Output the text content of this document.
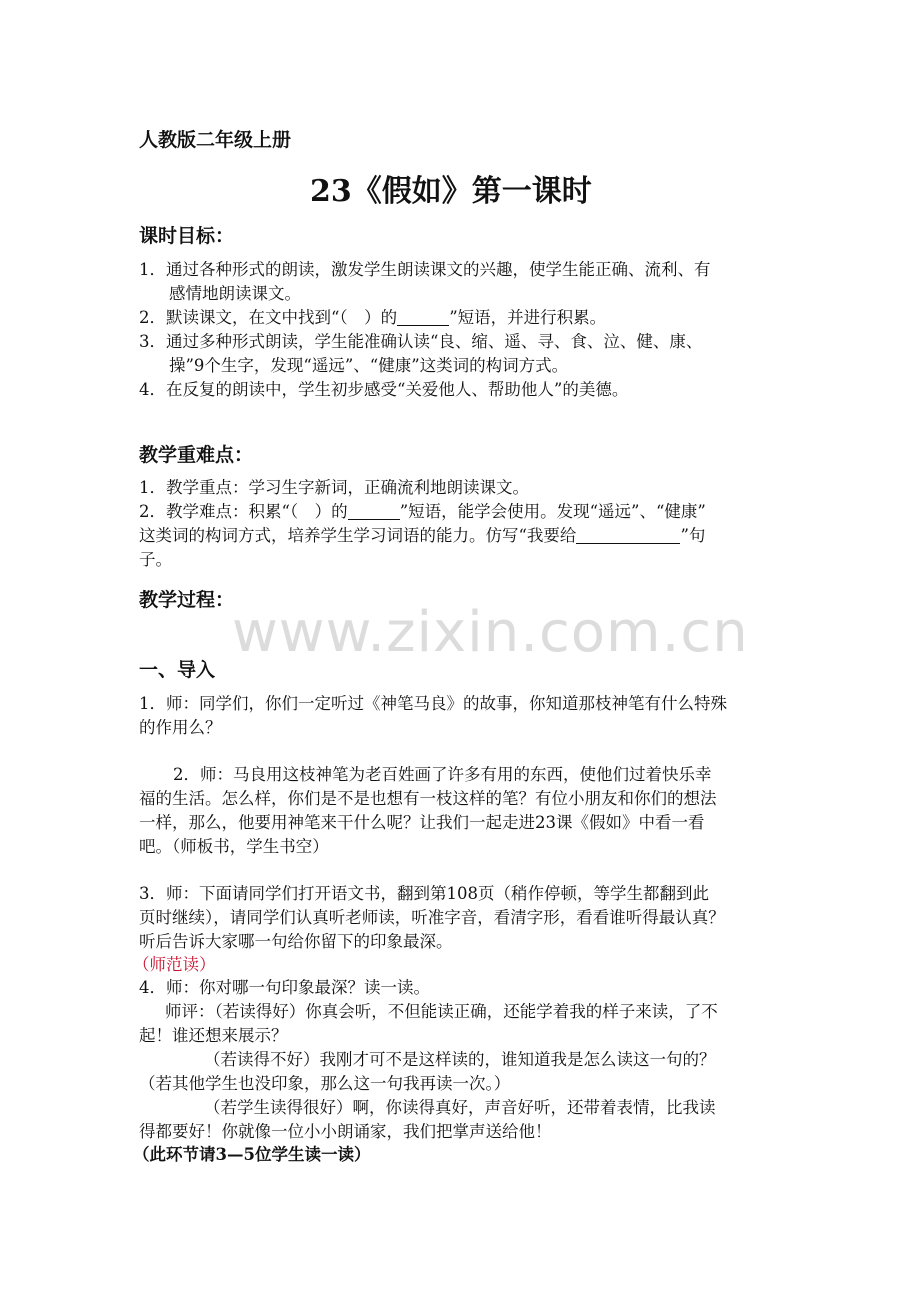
www.zixin.com.cn
人教版二年级上册
23《假如》第一课时
课时目标：
1．通过各种形式的朗读，激发学生朗读课文的兴趣，使学生能正确、流利、有
感情地朗读课文。
2．默读课文，在文中找到“（　）的	”短语，并进行积累。
3．通过多种形式朗读，学生能准确认读“良、缩、遥、寻、食、泣、健、康、
操”9个生字，发现“遥远”、“健康”这类词的构词方式。
4．在反复的朗读中，学生初步感受“关爱他人、帮助他人”的美德。
教学重难点：
1．教学重点：学习生字新词，正确流利地朗读课文。
2．教学难点：积累“（　）的	”短语，能学会使用。发现“遥远”、“健康”
这类词的构词方式，培养学生学习词语的能力。仿写“我要给	”句
子。
教学过程：
一、导入
1．师：同学们，你们一定听过《神笔马良》的故事，你知道那枝神笔有什么特殊
的作用么？
2．师：马良用这枝神笔为老百姓画了许多有用的东西，使他们过着快乐幸
福的生活。怎么样，你们是不是也想有一枝这样的笔？有位小朋友和你们的想法
一样，那么，他要用神笔来干什么呢？让我们一起走进23课《假如》中看一看
吧。（师板书，学生书空）
3．师：下面请同学们打开语文书，翻到第108页（稍作停顿，等学生都翻到此
页时继续），请同学们认真听老师读，听准字音，看清字形，看看谁听得最认真？
听后告诉大家哪一句给你留下的印象最深。
（师范读）
4．师：你对哪一句印象最深？读一读。
师评：（若读得好）你真会听，不但能读正确，还能学着我的样子来读，了不
起！谁还想来展示？
（若读得不好）我刚才可不是这样读的，谁知道我是怎么读这一句的？
（若其他学生也没印象，那么这一句我再读一次。）
（若学生读得很好）啊，你读得真好，声音好听，还带着表情，比我读
得都要好！你就像一位小小朗诵家，我们把掌声送给他！
（此环节请3—5位学生读一读）
